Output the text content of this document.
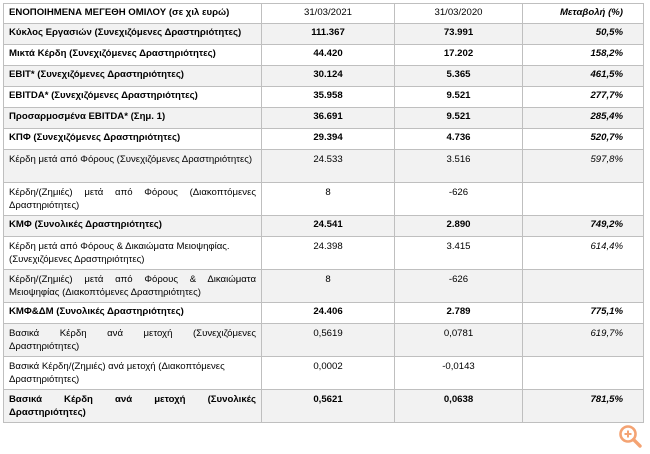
ΕΝΟΠΟΙΗΜΕΝΑ ΜΕΓΕΘΗ ΟΜΙΛΟΥ (σε χιλ ευρώ)	31/03/2021	31/03/2020	Μεταβολή (%)
Κύκλος Εργασιών (Συνεχιζόμενες Δραστηριότητες)	111.367	73.991	50,5%
Μικτά Κέρδη (Συνεχιζόμενες Δραστηριότητες)	44.420	17.202	158,2%
EBIT* (Συνεχιζόμενες Δραστηριότητες)	30.124	5.365	461,5%
EBITDA* (Συνεχιζόμενες Δραστηριότητες)	35.958	9.521	277,7%
Προσαρμοσμένα EBITDA* (Σημ. 1)	36.691	9.521	285,4%
ΚΠΦ (Συνεχιζόμενες Δραστηριότητες)	29.394	4.736	520,7%
Κέρδη μετά από Φόρους (Συνεχιζόμενες Δραστηριότητες)	24.533	3.516	597,8%
Κέρδη/(Ζημιές) μετά από Φόρους (Διακοπτόμενες Δραστηριότητες)	8	-626	
ΚΜΦ (Συνολικές Δραστηριότητες)	24.541	2.890	749,2%
Κέρδη μετά από Φόρους & Δικαιώματα Μειοψηφίας. (Συνεχιζόμενες Δραστηριότητες)	24.398	3.415	614,4%
Κέρδη/(Ζημιές) μετά από Φόρους & Δικαιώματα Μειοψηφίας (Διακοπτόμενες Δραστηριότητες)	8	-626	
ΚΜΦ&ΔΜ (Συνολικές Δραστηριότητες)	24.406	2.789	775,1%
Βασικά Κέρδη ανά μετοχή (Συνεχιζόμενες Δραστηριότητες)	0,5619	0,0781	619,7%
Βασικά Κέρδη/(Ζημιές) ανά μετοχή (Διακοπτόμενες Δραστηριότητες)	0,0002	-0,0143	
Βασικά Κέρδη ανά μετοχή (Συνολικές Δραστηριότητες)	0,5621	0,0638	781,5%
